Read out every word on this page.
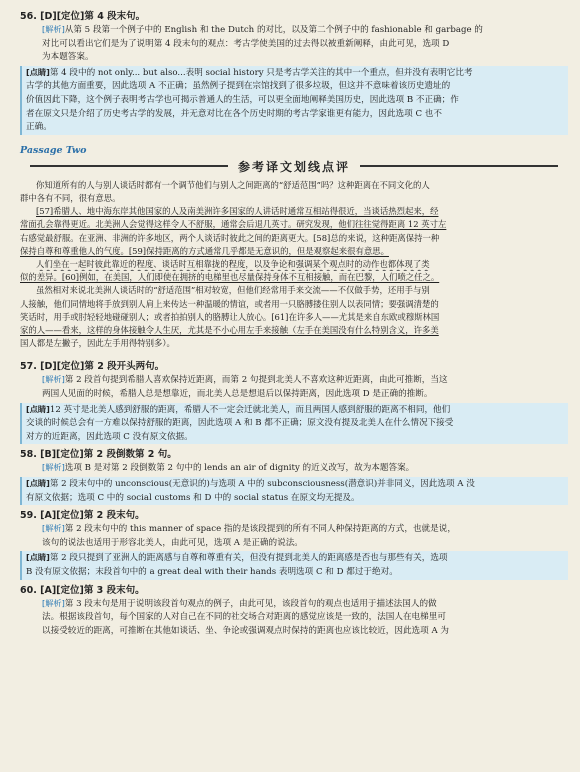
56. [D][定位]第 4 段末句。
[解析]从第 5 段第一个例子中的 English 和 the Dutch 的对比，以及第二个例子中的 fashionable 和 garbage 的
对比可以看出它们是为了说明第 4 段末句的观点：考古学使美国的过去得以被重新阐释，由此可见，选项 D
为本题答案。
[点睛]第 4 段中的 not only... but also...表明 social history 只是考古学关注的其中一个重点，但并没有表明它比考
古学的其他方面重要，因此选项 A 不正确；虽然例子提到在宗馆找到了很多垃圾，但这并不意味着该历史遗址的
价值因此下降，这个例子表明考古学也可揭示普通人的生活，可以更全面地阐释美国历史，因此选项 B 不正确；作
者在原文只是介绍了历史考古学的发展，并无意对比在各个历史时期的考古学家谁更有能力，因此选项 C 也不
正确。
Passage Two
参考译文划线点评
你知道所有的人与别人谈话时都有一个调节他们与别人之间距离的“舒适范围”吗？这种距离在不同文化的人
群中各有不同，很有意思。
[57]希腊人、地中海东岸其他国家的人及南美洲许多国家的人讲话时通常互相站得很近，当谈话热烈起来，经
常面孔会靠得更近。北美洲人会觉得这样令人不舒服，通常会后退几英寸。研究发现，他们往往觉得距离 12 英寸左
右感觉最舒服。在亚洲、非洲的许多地区，两个人谈话时彼此之间的距离更大。[58]总的来说，这种距离保持一种
保持自尊和尊重他人的气度。[59]保持距离的方式通常几乎都是无意识的，但是观察起来很有意思。
人们坐在一起时彼此靠近的程度、谈话时互相靠拢的程度，以及争论和强调某个观点时的动作也都体现了类
似的差异。[60]例如，在美国，人们即使在拥挤的电梯里也尽量保持身体不互相接触，而在巴黎，人们喷之任之。
虽然相对来说北美洲人谈话时的“舒适范围”相对较宽，但他们经常用手来交流——不仅做手势，还用手与别
人接触，他们同情地将手放到别人肩上来传达一种温暖的情谊，或者用一只胳膊搂住别人以表同情；要强调清楚的
笑话时，用手或肘轻轻地碰碰别人；或者拍拍别人的胳膊让人放心。[61]在许多人——尤其是来自东欧或穆斯林国
家的人——看来，这样的身体接触令人生厌，尤其是不小心用左手来接触（左手在美国没有什么特别含义，许多美
国人都是左撇子，因此左手用得特别多）。
57. [D][定位]第 2 段开头两句。
[解析]第 2 段首句提到希腊人喜欢保持近距离，而第 2 句提到北美人不喜欢这种近距离，由此可推断，当这
两国人见面的时候，希腊人总是想靠近，而北美人总是想退后以保持距离，因此选项 D 是正确的推断。
[点睛]12 英寸是北美人感到舒服的距离，希腊人不一定会迁就北美人，而且两国人感到舒服的距离不相同，他们
交谈的时候总会有一方难以保持舒服的距离，因此选项 A 和 B 都不正确；原文没有提及北美人在什么情况下接受
对方的近距离，因此选项 C 没有原文依据。
58. [B][定位]第 2 段倒数第 2 句。
[解析]选项 B 是对第 2 段倒数第 2 句中的 lends an air of dignity 的近义改写，故为本题答案。
[点睛]第 2 段末句中的 unconscious(无意识的)与选项 A 中的 subconsciousness(潜意识)并非同义，因此选项 A 没
有原文依据；选项 C 中的 social customs 和 D 中的 social status 在原文均无提及。
59. [A][定位]第 2 段末句。
[解析]第 2 段末句中的 this manner of space 指的是该段提到的所有不同人种保持距离的方式，也就是说，
该句的说法也适用于形容北美人，由此可见，选项 A 是正确的说法。
[点睛]第 2 段只提到了亚洲人的距离感与自尊和尊重有关，但没有提到北美人的距离感是否也与那些有关，选项
B 没有原文依据；末段首句中的 a great deal with their hands 表明选项 C 和 D 都过于绝对。
60. [A][定位]第 3 段末句。
[解析]第 3 段末句是用于说明该段首句观点的例子，由此可见，该段首句的观点也适用于描述法国人的做
法。根据该段首句，每个国家的人对自己在不同的社交场合对距离的感觉应该是一致的，法国人在电梯里可
以接受较近的距离，可推断在其他如谈话、坐、争论或强调观点时保持的距离也应该比较近，因此选项 A 为
